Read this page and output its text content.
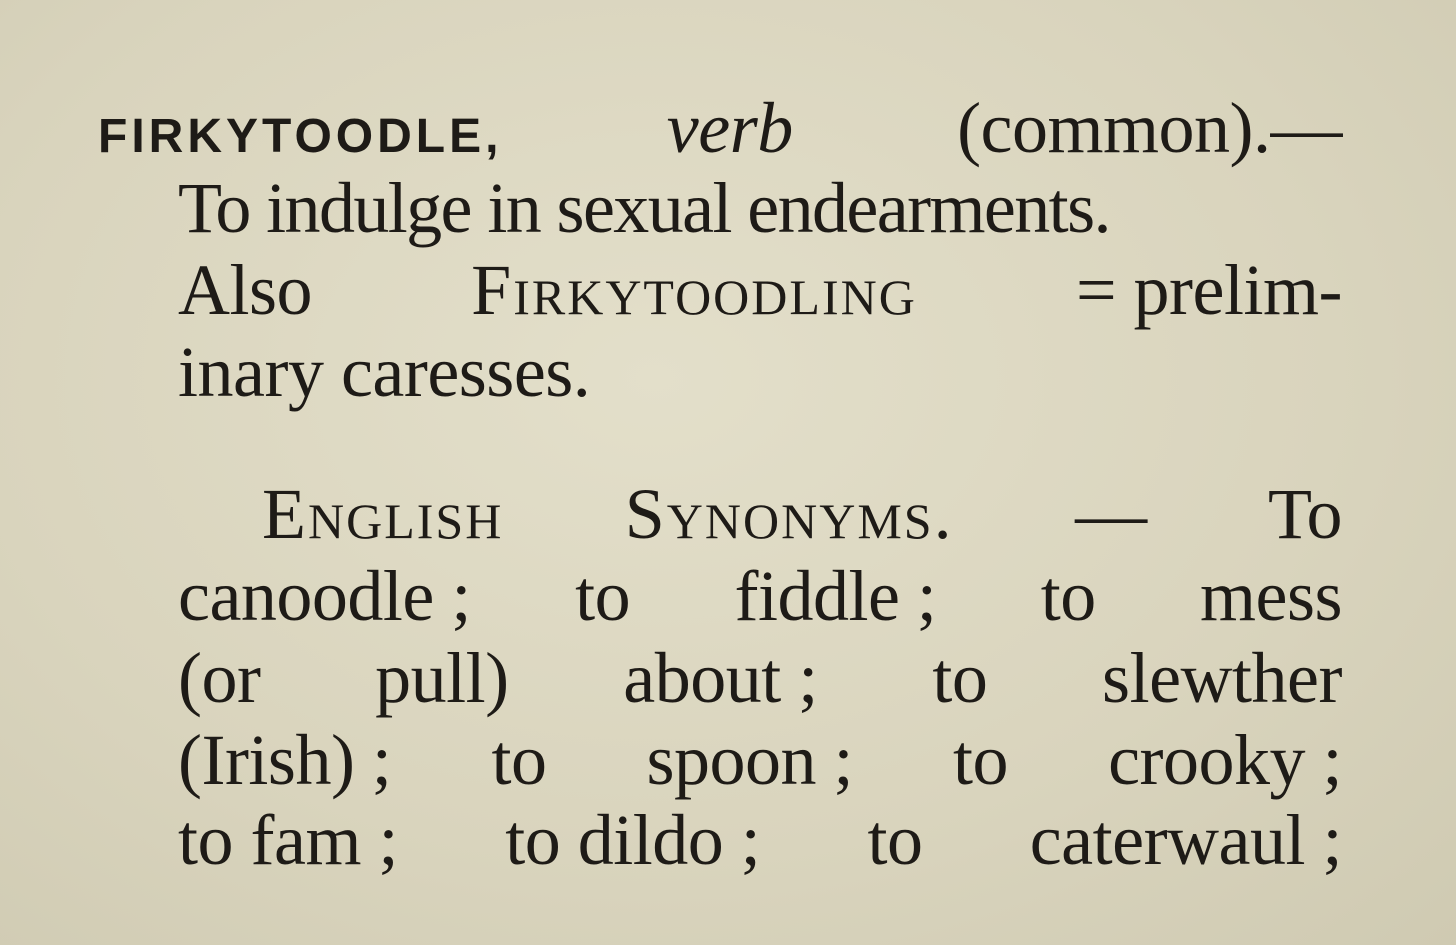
FIRKYTOODLE, verb (common).—
To indulge in sexual endearments.
Also Firkytoodling = prelim-
inary caresses.
English Synonyms. — To
canoodle ; to fiddle ; to mess
(or pull) about ; to slewther
(Irish) ; to spoon ; to crooky ;
to fam ; to dildo ; to caterwaul ;
